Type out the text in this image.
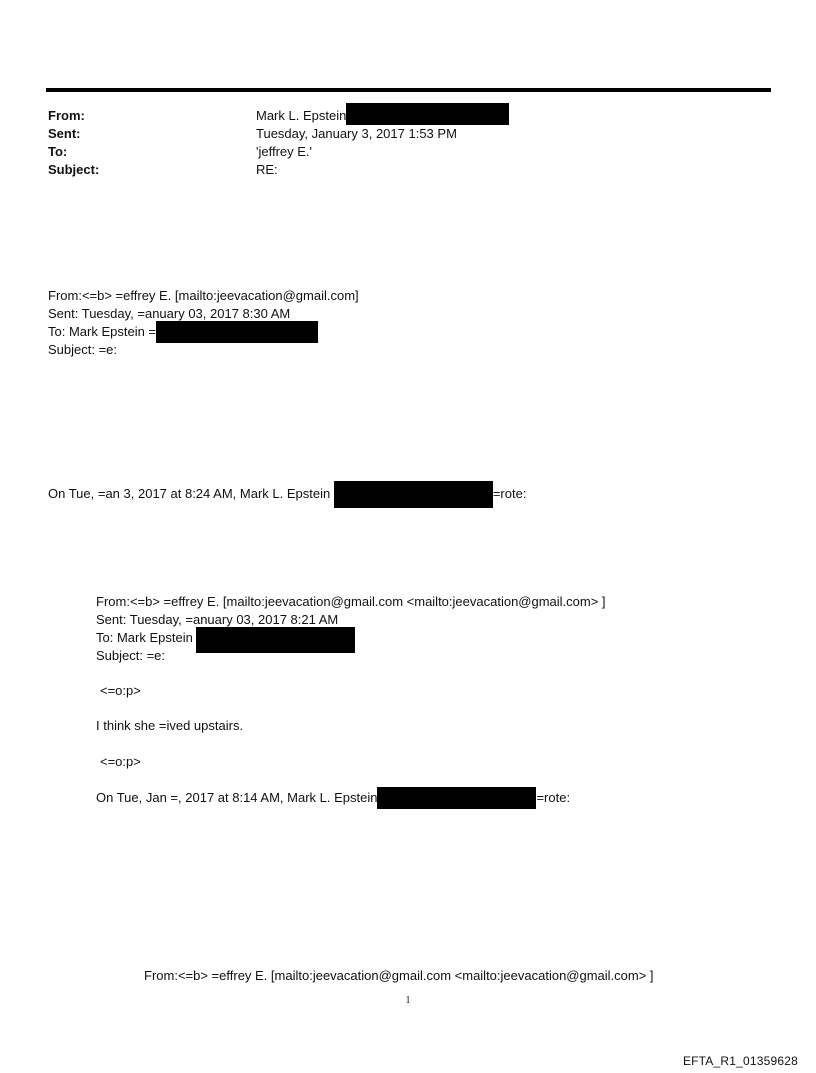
From:	Mark L. Epstein
Sent:	Tuesday, January 3, 2017 1:53 PM
To:	'jeffrey E.'
Subject:	RE:
From:<=b> =effrey E. [mailto:jeevacation@gmail.com]
Sent: Tuesday, =anuary 03, 2017 8:30 AM
To: Mark Epstein =
Subject: =e:
On Tue, =an 3, 2017 at 8:24 AM, Mark L. Epstein	=rote:
From:<=b> =effrey E. [mailto:jeevacation@gmail.com <mailto:jeevacation@gmail.com> ]
Sent: Tuesday, =anuary 03, 2017 8:21 AM
To: Mark Epstein
Subject: =e:
<=o:p>
I think she =ived upstairs.
<=o:p>
On Tue, Jan =, 2017 at 8:14 AM, Mark L. Epstein	=rote:
From:<=b> =effrey E. [mailto:jeevacation@gmail.com <mailto:jeevacation@gmail.com> ]
1
EFTA_R1_01359628
